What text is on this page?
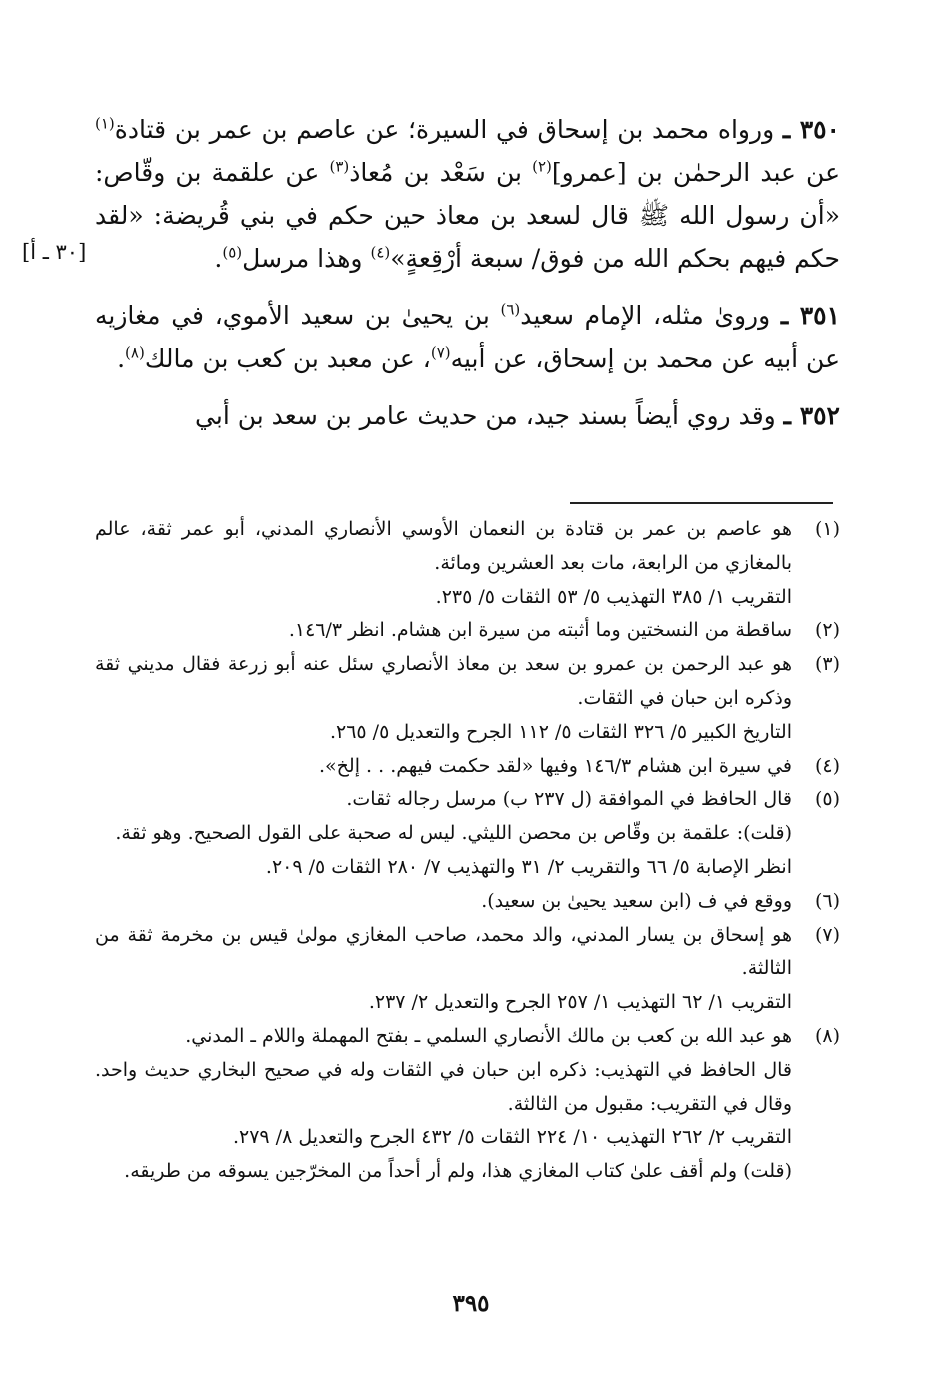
٣٥٠ ـ ورواه محمد بن إسحاق في السيرة؛ عن عاصم بن عمر بن قتادة$^{(١)}$ عن عبد الرحمٰن بن [عمرو]$^{(٢)}$ بن سَعْد بن مُعاذ$^{(٣)}$ عن علقمة بن وقّاص: «أن رسول الله ﷺ قال لسعد بن معاذ حين حكم في بني قُريضة: «لقد حكم فيهم بحكم الله من فوق/ سبعة أرْقِعةٍ»$^{(٤)}$ وهذا مرسل$^{(٥)}$.

٣٥١ ـ ورویٰ مثله، الإمام سعيد$^{(٦)}$ بن يحيىٰ بن سعيد الأموي، في مغازيه عن أبيه عن محمد بن إسحاق، عن أبيه$^{(٧)}$، عن معبد بن كعب بن مالك$^{(٨)}$.

٣٥٢ ـ وقد روي أيضاً بسند جيد، من حديث عامر بن سعد بن أبي

[٣٠ ـ أ]
(١)
هو عاصم بن عمر بن قتادة بن النعمان الأوسي الأنصاري المدني، أبو عمر ثقة، عالم بالمغازي من الرابعة، مات بعد العشرين ومائة.
التقريب ١/ ٣٨٥ التهذيب ٥/ ٥٣ الثقات ٥/ ٢٣٥.
(٢)
ساقطة من النسختين وما أثبته من سيرة ابن هشام. انظر ١٤٦/٣.
(٣)
هو عبد الرحمن بن عمرو بن سعد بن معاذ الأنصاري سئل عنه أبو زرعة فقال مديني ثقة وذكره ابن حبان في الثقات.
التاريخ الكبير ٥/ ٣٢٦ الثقات ٥/ ١١٢ الجرح والتعديل ٥/ ٢٦٥.
(٤)
في سيرة ابن هشام ١٤٦/٣ وفيها «لقد حكمت فيهم. . . إلخ».
(٥)
قال الحافظ في الموافقة (ل ٢٣٧ ب) مرسل رجاله ثقات.
(قلت): علقمة بن وقّاص بن محصن الليثي. ليس له صحبة على القول الصحيح. وهو ثقة.
انظر الإصابة ٥/ ٦٦ والتقريب ٢/ ٣١ والتهذيب ٧/ ٢٨٠ الثقات ٥/ ٢٠٩.
(٦)
ووقع في ف (ابن سعيد يحيىٰ بن سعيد).
(٧)
هو إسحاق بن يسار المدني، والد محمد، صاحب المغازي مولىٰ قيس بن مخرمة ثقة من الثالثة.
التقريب ١/ ٦٢ التهذيب ١/ ٢٥٧ الجرح والتعديل ٢/ ٢٣٧.
(٨)
هو عبد الله بن كعب بن مالك الأنصاري السلمي ـ بفتح المهملة واللام ـ المدني.
قال الحافظ في التهذيب: ذكره ابن حبان في الثقات وله في صحيح البخاري حديث واحد. وقال في التقريب: مقبول من الثالثة.
التقريب ٢/ ٢٦٢ التهذيب ١٠/ ٢٢٤ الثقات ٥/ ٤٣٢ الجرح والتعديل ٨/ ٢٧٩.
(قلت) ولم أقف علىٰ كتاب المغازي هذا، ولم أر أحداً من المخرّجين يسوقه من طريقه.
٣٩٥
